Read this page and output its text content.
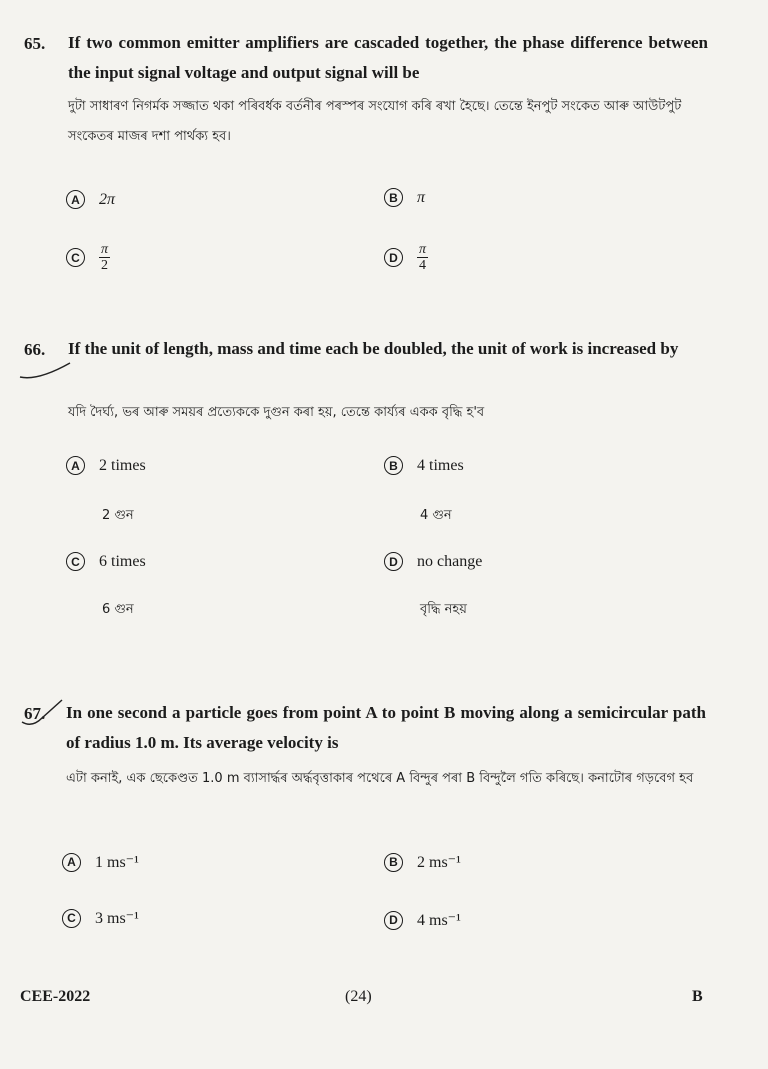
65. If two common emitter amplifiers are cascaded together, the phase difference between the input signal voltage and output signal will be
দুটা সাধাৰণ নিগৰ্মক সজ্জাত থকা পৰিবৰ্ধক বৰ্তনীৰ পৰস্পৰ সংযোগ কৰি ৰখা হৈছে। তেন্তে ইনপুট সংকেত আৰু আউটপুট সংকেতৰ মাজৰ দশা পাৰ্থক্য হব।
A	2π	B	π
C	$\frac{\pi}{2}$	D	$\frac{\pi}{4}$
66. If the unit of length, mass and time each be doubled, the unit of work is increased by
যদি দৈৰ্ঘ্য, ভৰ আৰু সময়ৰ প্ৰত্যেককে দুগুন কৰা হয়, তেন্তে কাৰ্য্যৰ একক বৃদ্ধি হ'ব
A	2 times
2 গুন
B	4 times
4 গুন
C	6 times
6 গুন
D	no change
বৃদ্ধি নহয়
67. In one second a particle goes from point A to point B moving along a semicircular path of radius 1.0 m. Its average velocity is
এটা কনাই, এক ছেকেণ্ডত 1.0 m ব্যাসাৰ্দ্ধৰ অৰ্দ্ধবৃত্তাকাৰ পথেৰে A বিন্দুৰ পৰা B বিন্দুলৈ গতি কৰিছে। কনাটোৰ গড়বেগ হব
A	1 ms⁻¹	B	2 ms⁻¹
C	3 ms⁻¹	D	4 ms⁻¹
CEE-2022	(24)	B
